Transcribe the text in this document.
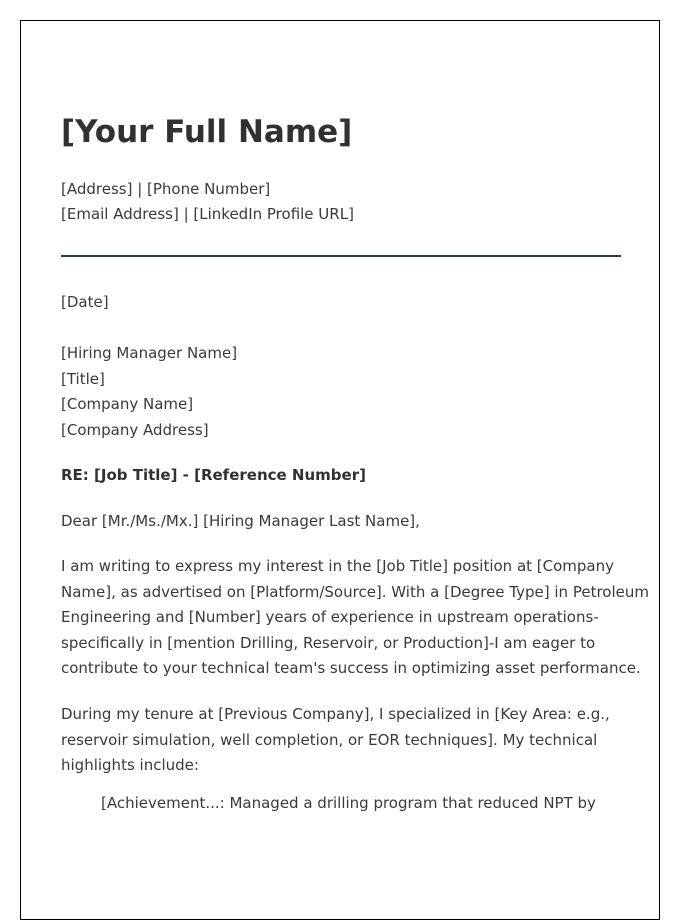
[Your Full Name]
[Address] | [Phone Number]
[Email Address] | [LinkedIn Profile URL]
[Date]
[Hiring Manager Name]
[Title]
[Company Name]
[Company Address]
RE: [Job Title] - [Reference Number]
Dear [Mr./Ms./Mx.] [Hiring Manager Last Name],
I am writing to express my interest in the [Job Title] position at [Company
Name], as advertised on [Platform/Source]. With a [Degree Type] in Petroleum
Engineering and [Number] years of experience in upstream operations-
specifically in [mention Drilling, Reservoir, or Production]-I am eager to
contribute to your technical team's success in optimizing asset performance.
During my tenure at [Previous Company], I specialized in [Key Area: e.g.,
reservoir simulation, well completion, or EOR techniques]. My technical
highlights include:
[Achievement...: Managed a drilling program that reduced NPT by
